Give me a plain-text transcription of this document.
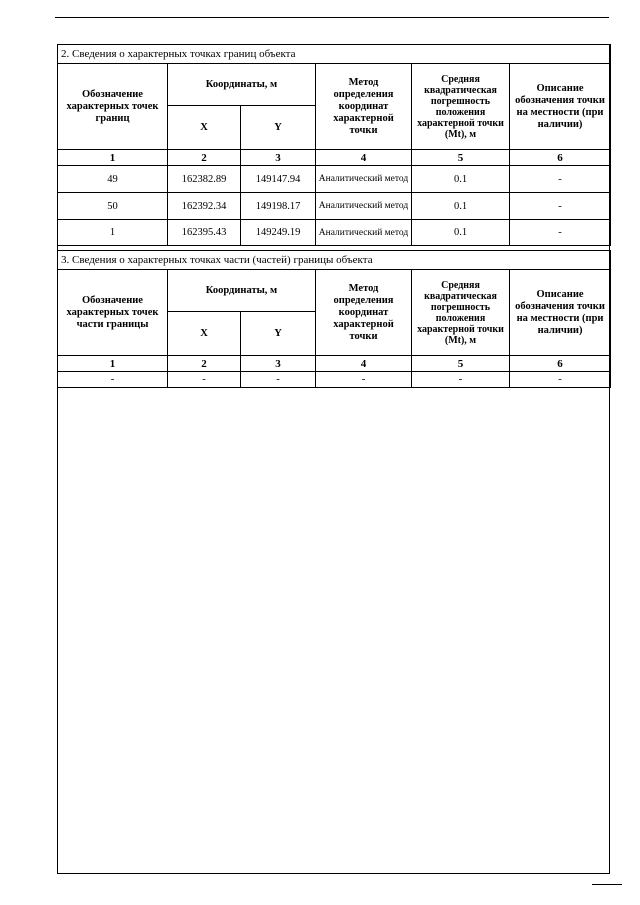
2. Сведения о характерных точках границ объекта					
Обозначение характерных точек границ	Координаты, м		Метод определения координат характерной точки	Средняя квадратическая погрешность положения характерной точки (Mt), м	Описание обозначения точки на местности (при наличии)
	X	Y			
1	2	3	4	5	6
49	162382.89	149147.94	Аналитический метод	0.1	-
50	162392.34	149198.17	Аналитический метод	0.1	-
1	162395.43	149249.19	Аналитический метод	0.1	-
3. Сведения о характерных точках части (частей) границы объекта					
Обозначение характерных точек части границы	Координаты, м		Метод определения координат характерной точки	Средняя квадратическая погрешность положения характерной точки (Mt), м	Описание обозначения точки на местности (при наличии)
	X	Y			
1	2	3	4	5	6
-	-	-	-	-	-
